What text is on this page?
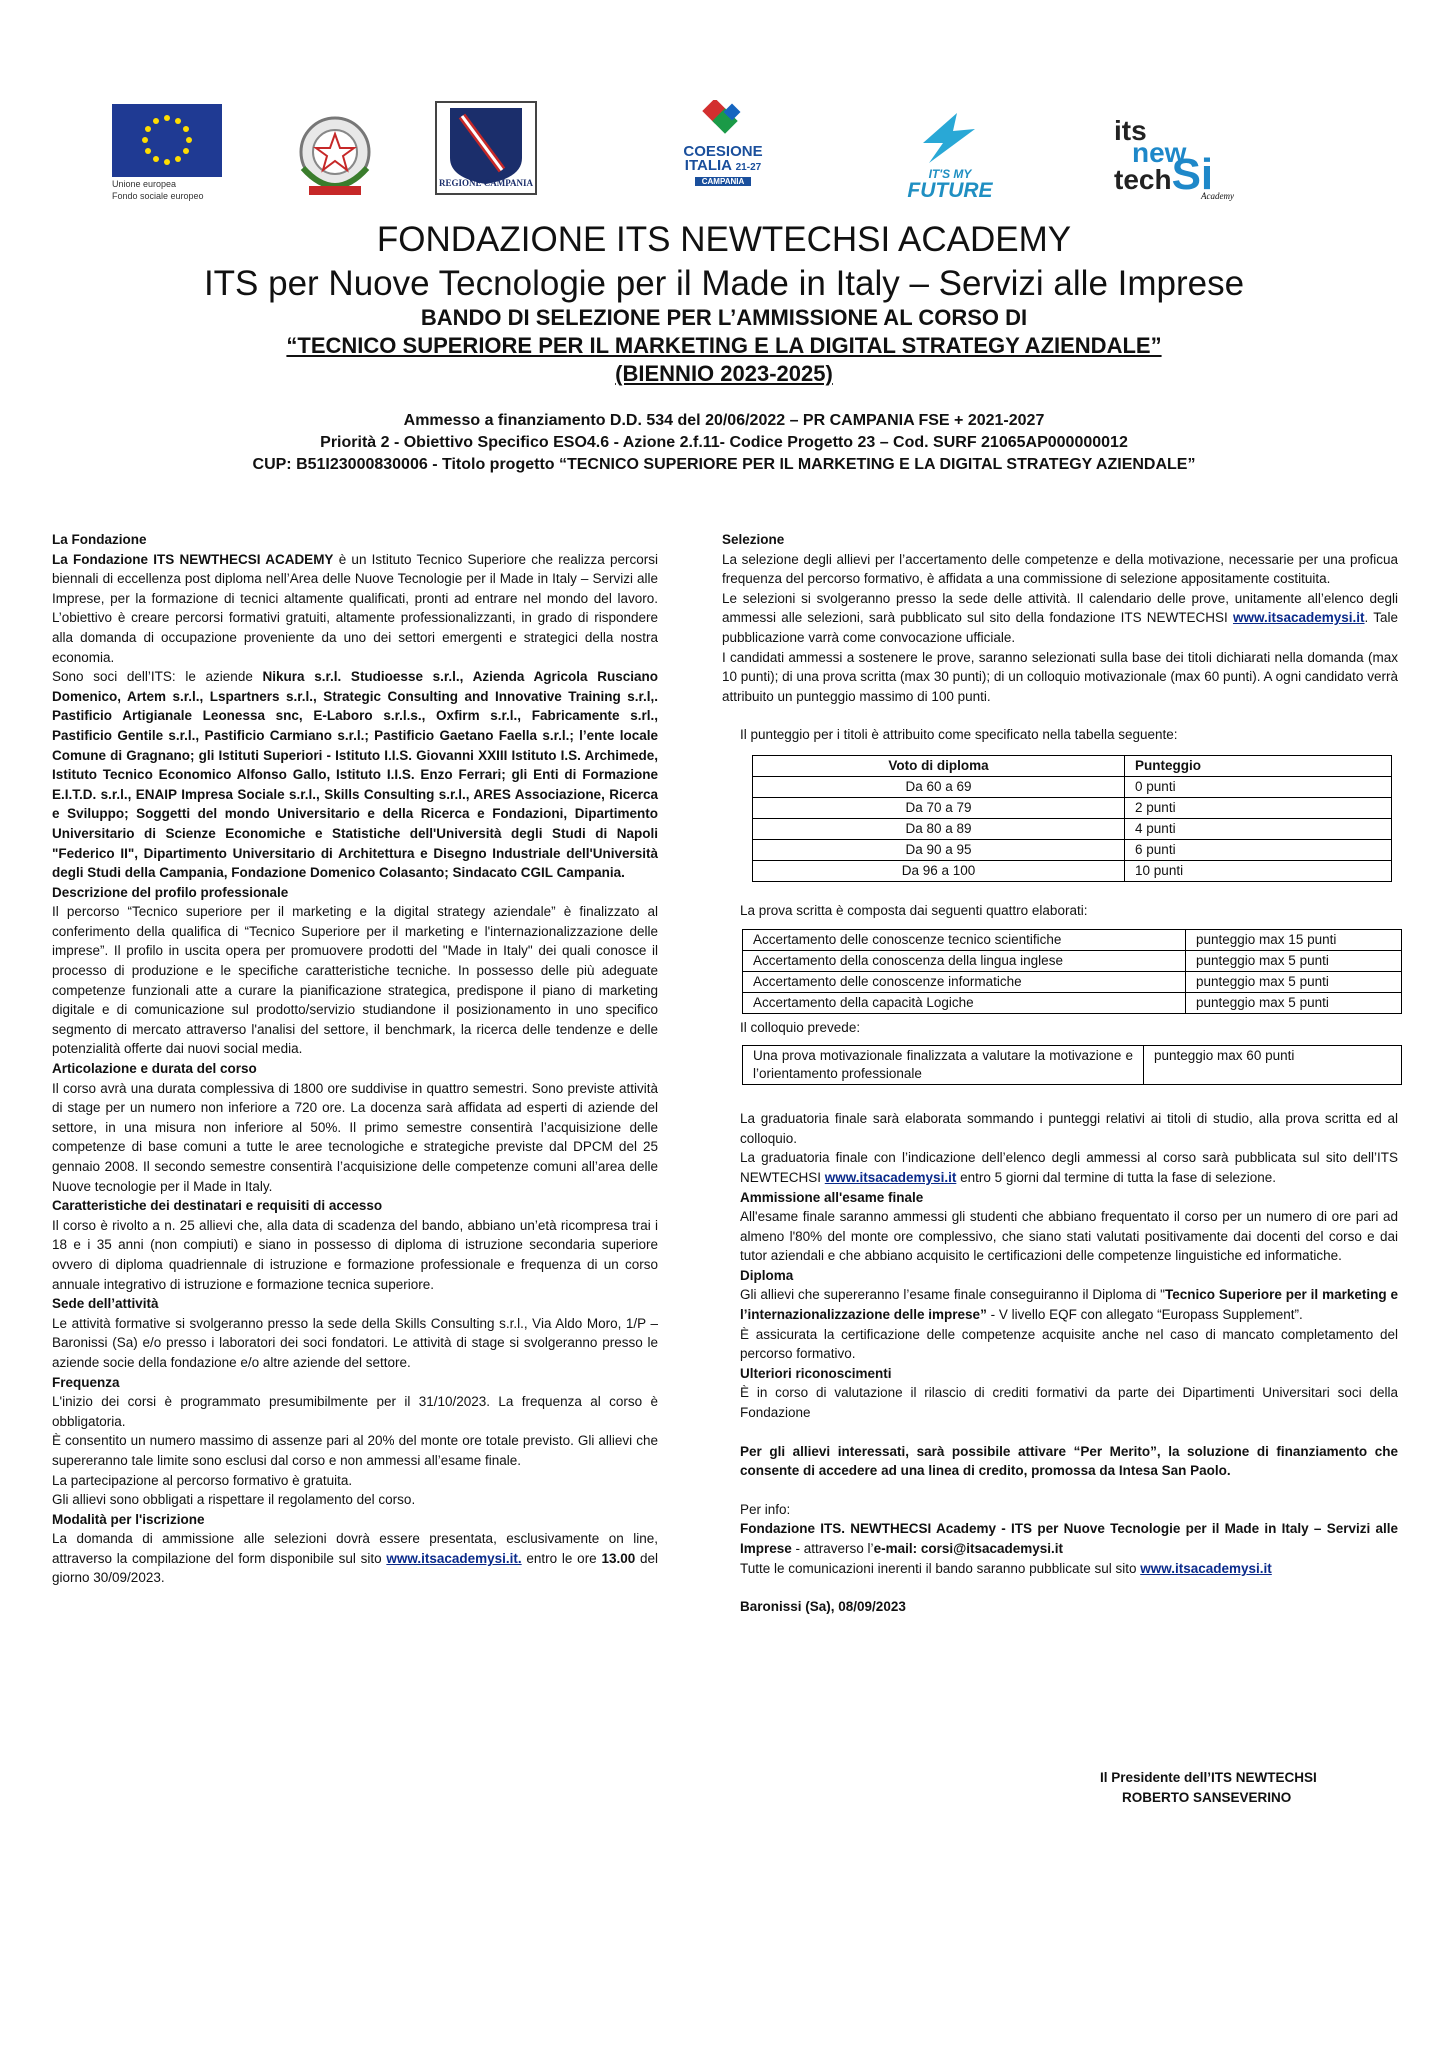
Unione europea
Fondo sociale europeo
REGIONE CAMPANIA
COESIONE
ITALIA 21-27
CAMPANIA
IT'S MY
FUTURE
its
new
techSi
Academy
FONDAZIONE ITS NEWTECHSI ACADEMY
ITS per Nuove Tecnologie per il Made in Italy – Servizi alle Imprese
BANDO DI SELEZIONE PER L’AMMISSIONE AL CORSO DI
“TECNICO SUPERIORE PER IL MARKETING E LA DIGITAL STRATEGY AZIENDALE”
(BIENNIO 2023-2025)
Ammesso a finanziamento D.D. 534 del 20/06/2022 – PR CAMPANIA FSE + 2021-2027
Priorità 2 - Obiettivo Specifico ESO4.6 - Azione 2.f.11- Codice Progetto 23 – Cod. SURF 21065AP000000012
CUP: B51I23000830006 - Titolo progetto “TECNICO SUPERIORE PER IL MARKETING E LA DIGITAL STRATEGY AZIENDALE”

La Fondazione

La Fondazione ITS NEWTHECSI ACADEMY è un Istituto Tecnico Superiore che realizza percorsi biennali di eccellenza post diploma nell’Area delle Nuove Tecnologie per il Made in Italy – Servizi alle Imprese, per la formazione di tecnici altamente qualificati, pronti ad entrare nel mondo del lavoro. L’obiettivo è creare percorsi formativi gratuiti, altamente professionalizzanti, in grado di rispondere alla domanda di occupazione proveniente da uno dei settori emergenti e strategici della nostra economia.

Sono soci dell’ITS: le aziende Nikura s.r.l. Studioesse s.r.l., Azienda Agricola Rusciano Domenico, Artem s.r.l., Lspartners s.r.l., Strategic Consulting and Innovative Training s.r.l,. Pastificio Artigianale Leonessa snc, E-Laboro s.r.l.s., Oxfirm s.r.l., Fabricamente s.rl., Pastificio Gentile s.r.l., Pastificio Carmiano s.r.l.; Pastificio Gaetano Faella s.r.l.; l’ente locale Comune di Gragnano; gli Istituti Superiori - Istituto I.I.S. Giovanni XXIII Istituto I.S. Archimede, Istituto Tecnico Economico Alfonso Gallo, Istituto I.I.S. Enzo Ferrari; gli Enti di Formazione E.I.T.D. s.r.l., ENAIP Impresa Sociale s.r.l., Skills Consulting s.r.l., ARES Associazione, Ricerca e Sviluppo; Soggetti del mondo Universitario e della Ricerca e Fondazioni, Dipartimento Universitario di Scienze Economiche e Statistiche dell'Università degli Studi di Napoli "Federico II", Dipartimento Universitario di Architettura e Disegno Industriale dell'Università degli Studi della Campania, Fondazione Domenico Colasanto; Sindacato CGIL Campania.

Descrizione del profilo professionale

Il percorso “Tecnico superiore per il marketing e la digital strategy aziendale” è finalizzato al conferimento della qualifica di “Tecnico Superiore per il marketing e l'internazionalizzazione delle imprese”. Il profilo in uscita opera per promuovere prodotti del "Made in Italy" dei quali conosce il processo di produzione e le specifiche caratteristiche tecniche. In possesso delle più adeguate competenze funzionali atte a curare la pianificazione strategica, predispone il piano di marketing digitale e di comunicazione sul prodotto/servizio studiandone il posizionamento in uno specifico segmento di mercato attraverso l'analisi del settore, il benchmark, la ricerca delle tendenze e delle potenzialità offerte dai nuovi social media.

Articolazione e durata del corso

Il corso avrà una durata complessiva di 1800 ore suddivise in quattro semestri. Sono previste attività di stage per un numero non inferiore a 720 ore. La docenza sarà affidata ad esperti di aziende del settore, in una misura non inferiore al 50%. Il primo semestre consentirà l’acquisizione delle competenze di base comuni a tutte le aree tecnologiche e strategiche previste dal DPCM del 25 gennaio 2008. Il secondo semestre consentirà l’acquisizione delle competenze comuni all’area delle Nuove tecnologie per il Made in Italy.

Caratteristiche dei destinatari e requisiti di accesso

Il corso è rivolto a n. 25 allievi che, alla data di scadenza del bando, abbiano un’età ricompresa trai i 18 e i 35 anni (non compiuti) e siano in possesso di diploma di istruzione secondaria superiore ovvero di diploma quadriennale di istruzione e formazione professionale e frequenza di un corso annuale integrativo di istruzione e formazione tecnica superiore.

Sede dell’attività

Le attività formative si svolgeranno presso la sede della Skills Consulting s.r.l., Via Aldo Moro, 1/P – Baronissi (Sa) e/o presso i laboratori dei soci fondatori. Le attività di stage si svolgeranno presso le aziende socie della fondazione e/o altre aziende del settore.

Frequenza

L'inizio dei corsi è programmato presumibilmente per il 31/10/2023. La frequenza al corso è obbligatoria.

È consentito un numero massimo di assenze pari al 20% del monte ore totale previsto. Gli allievi che supereranno tale limite sono esclusi dal corso e non ammessi all’esame finale.

La partecipazione al percorso formativo è gratuita.

Gli allievi sono obbligati a rispettare il regolamento del corso.

Modalità per l'iscrizione

La domanda di ammissione alle selezioni dovrà essere presentata, esclusivamente on line, attraverso la compilazione del form disponibile sul sito www.itsacademysi.it. entro le ore 13.00 del giorno 30/09/2023.

Selezione

La selezione degli allievi per l’accertamento delle competenze e della motivazione, necessarie per una proficua frequenza del percorso formativo, è affidata a una commissione di selezione appositamente costituita.

Le selezioni si svolgeranno presso la sede delle attività. Il calendario delle prove, unitamente all’elenco degli ammessi alle selezioni, sarà pubblicato sul sito della fondazione ITS NEWTECHSI www.itsacademysi.it. Tale pubblicazione varrà come convocazione ufficiale.

I candidati ammessi a sostenere le prove, saranno selezionati sulla base dei titoli dichiarati nella domanda (max 10 punti); di una prova scritta (max 30 punti); di un colloquio motivazionale (max 60 punti). A ogni candidato verrà attribuito un punteggio massimo di 100 punti.

Il punteggio per i titoli è attribuito come specificato nella tabella seguente:

Voto di diploma	Punteggio
Da 60 a 69	0 punti
Da 70 a 79	2 punti
Da 80 a 89	4 punti
Da 90 a 95	6 punti
Da 96 a 100	10 punti

La prova scritta è composta dai seguenti quattro elaborati:

Accertamento delle conoscenze tecnico scientifiche	punteggio max 15 punti
Accertamento della conoscenza della lingua inglese	punteggio max 5 punti
Accertamento delle conoscenze informatiche	punteggio max 5 punti
Accertamento della capacità Logiche	punteggio max 5 punti

Il colloquio prevede:

Una prova motivazionale finalizzata a valutare la motivazione e l’orientamento professionale	punteggio max 60 punti

La graduatoria finale sarà elaborata sommando i punteggi relativi ai titoli di studio, alla prova scritta ed al colloquio.

La graduatoria finale con l’indicazione dell’elenco degli ammessi al corso sarà pubblicata sul sito dell’ITS NEWTECHSI www.itsacademysi.it entro 5 giorni dal termine di tutta la fase di selezione.

Ammissione all'esame finale

All'esame finale saranno ammessi gli studenti che abbiano frequentato il corso per un numero di ore pari ad almeno l'80% del monte ore complessivo, che siano stati valutati positivamente dai docenti del corso e dai tutor aziendali e che abbiano acquisito le certificazioni delle competenze linguistiche ed informatiche.

Diploma

Gli allievi che supereranno l’esame finale conseguiranno il Diploma di "Tecnico Superiore per il marketing e l’internazionalizzazione delle imprese” - V livello EQF con allegato “Europass Supplement”.

È assicurata la certificazione delle competenze acquisite anche nel caso di mancato completamento del percorso formativo.

Ulteriori riconoscimenti

È in corso di valutazione il rilascio di crediti formativi da parte dei Dipartimenti Universitari soci della Fondazione

Per gli allievi interessati, sarà possibile attivare “Per Merito”, la soluzione di finanziamento che consente di accedere ad una linea di credito, promossa da Intesa San Paolo.

Per info:

Fondazione ITS. NEWTHECSI Academy - ITS per Nuove Tecnologie per il Made in Italy – Servizi alle Imprese - attraverso l’e-mail: corsi@itsacademysi.it

Tutte le comunicazioni inerenti il bando saranno pubblicate sul sito www.itsacademysi.it

Baronissi (Sa), 08/09/2023

Il Presidente dell’ITS NEWTECHSI
ROBERTO SANSEVERINO
